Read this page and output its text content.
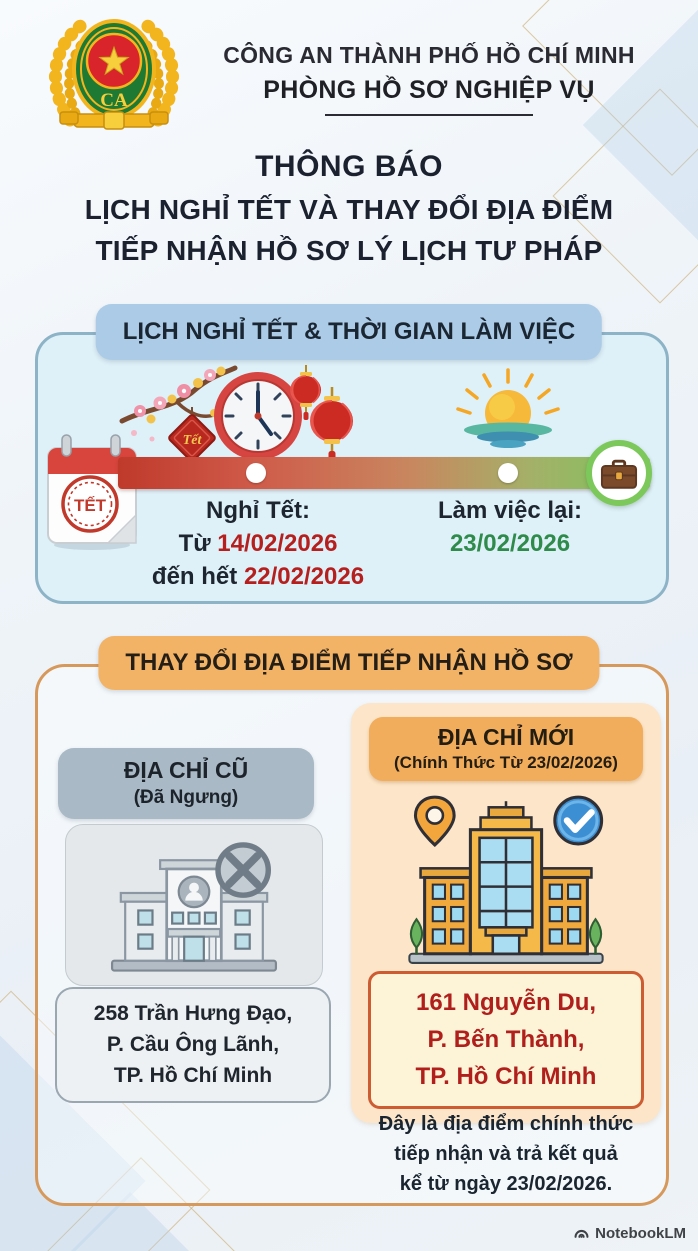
CA
CÔNG AN THÀNH PHỐ HỒ CHÍ MINH
PHÒNG HỒ SƠ NGHIỆP VỤ
THÔNG BÁO
LỊCH NGHỈ TẾT VÀ THAY ĐỔI ĐỊA ĐIỂM
TIẾP NHẬN HỒ SƠ LÝ LỊCH TƯ PHÁP
LỊCH NGHỈ TẾT & THỜI GIAN LÀM VIỆC
TẾT
Tết
Nghỉ Tết:
Từ 14/02/2026
đến hết 22/02/2026
Làm việc lại:
23/02/2026
THAY ĐỔI ĐỊA ĐIỂM TIẾP NHẬN HỒ SƠ
ĐỊA CHỈ CŨ
(Đã Ngưng)
258 Trần Hưng Đạo,
P. Cầu Ông Lãnh,
TP. Hồ Chí Minh
ĐỊA CHỈ MỚI
(Chính Thức Từ 23/02/2026)
161 Nguyễn Du,
P. Bến Thành,
TP. Hồ Chí Minh
Đây là địa điểm chính thức
tiếp nhận và trả kết quả
kể từ ngày 23/02/2026.
NotebookLM
